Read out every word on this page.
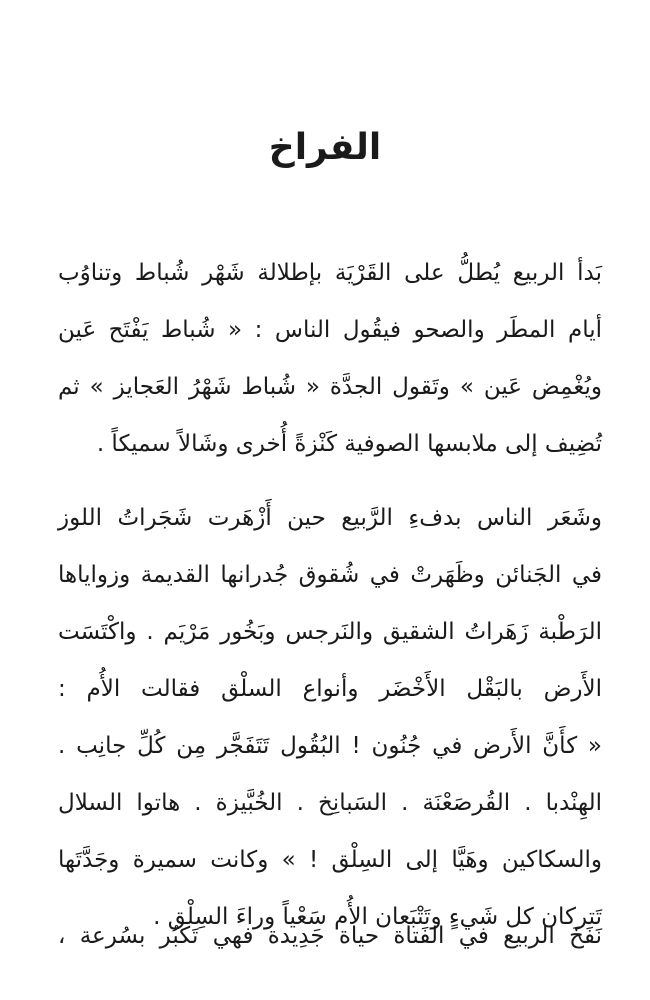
الفراخ
بَدأ الربيع يُطلُّ على القَرْيَة بإطلالة شَهْر شُباط وتناوُب
أيام المطَر والصحو فيقُول الناس : « شُباط يَفْتَح عَين
ويُغْمِض عَين » وتَقول الجدَّة « شُباط شَهْرُ العَجايز » ثم
تُضِيف إلى ملابسها الصوفية كَنْزةً أُخرى وشَالاً سميكاً .
وشَعَر الناس بدفءِ الرَّبيع حين أَزْهَرت شَجَراتُ اللوز
في الجَنائن وظَهَرتْ في شُقوق جُدرانها القديمة وزواياها
الرَطْبة زَهَراتُ الشقيق والنَرجس وبَخُور مَرْيَم . واكْتَسَت
الأَرض بالبَقْل الأَخْضَر وأنواع السلْق فقالت الأُم :
« كأَنَّ الأَرض في جُنُون ! البُقُول تَتَفَجَّر مِن كُلِّ جانِب .
الهِنْدبا . القُرصَعْنَة . السَبانِخ . الخُبَّيزة . هاتوا السلال
والسكاكين وهَيَّا إلى السِلْق ! » وكانت سميرة وجَدَّتَها
تَتركان كل شَيءٍ وتَتْبَعان الأُم سَعْياً وراءَ السِلْق .
نَفَخَ الربيع في الفَتاة حياة جَدِيدة فهي تَكبُر بسُرعة ،
